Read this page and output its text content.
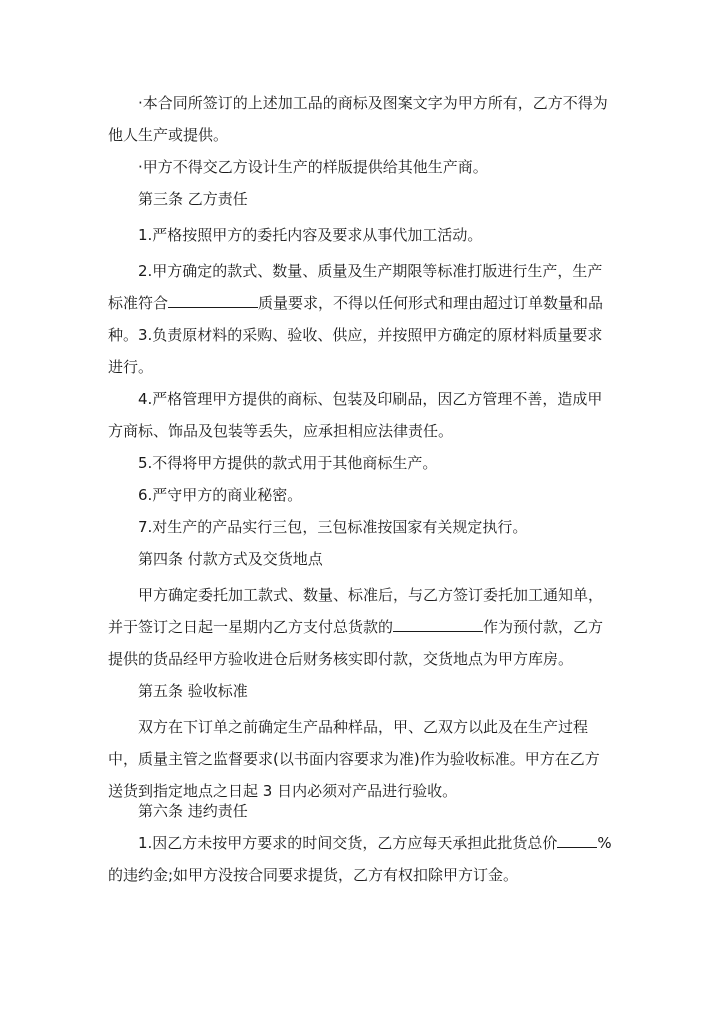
·本合同所签订的上述加工品的商标及图案文字为甲方所有，乙方不得为他人生产或提供。

·甲方不得交乙方设计生产的样版提供给其他生产商。

第三条 乙方责任

1.严格按照甲方的委托内容及要求从事代加工活动。

2.甲方确定的款式、数量、质量及生产期限等标准打版进行生产，生产标准符合	质量要求，不得以任何形式和理由超过订单数量和品种。 3.负责原材料的采购、验收、供应，并按照甲方确定的原材料质量要求进行。

4.严格管理甲方提供的商标、包装及印刷品，因乙方管理不善，造成甲方商标、饰品及包装等丢失，应承担相应法律责任。

5.不得将甲方提供的款式用于其他商标生产。

6.严守甲方的商业秘密。

7.对生产的产品实行三包，三包标准按国家有关规定执行。

第四条 付款方式及交货地点

甲方确定委托加工款式、数量、标准后，与乙方签订委托加工通知单，并于签订之日起一星期内乙方支付总货款的	作为预付款，乙方提供的货品经甲方验收进仓后财务核实即付款，交货地点为甲方库房。

第五条 验收标准

双方在下订单之前确定生产品种样品，甲、乙双方以此及在生产过程中，质量主管之监督要求(以书面内容要求为准)作为验收标准。甲方在乙方送货到指定地点之日起 3 日内必须对产品进行验收。

第六条 违约责任

1.因乙方未按甲方要求的时间交货，乙方应每天承担此批货总价	%的违约金;如甲方没按合同要求提货，乙方有权扣除甲方订金。
